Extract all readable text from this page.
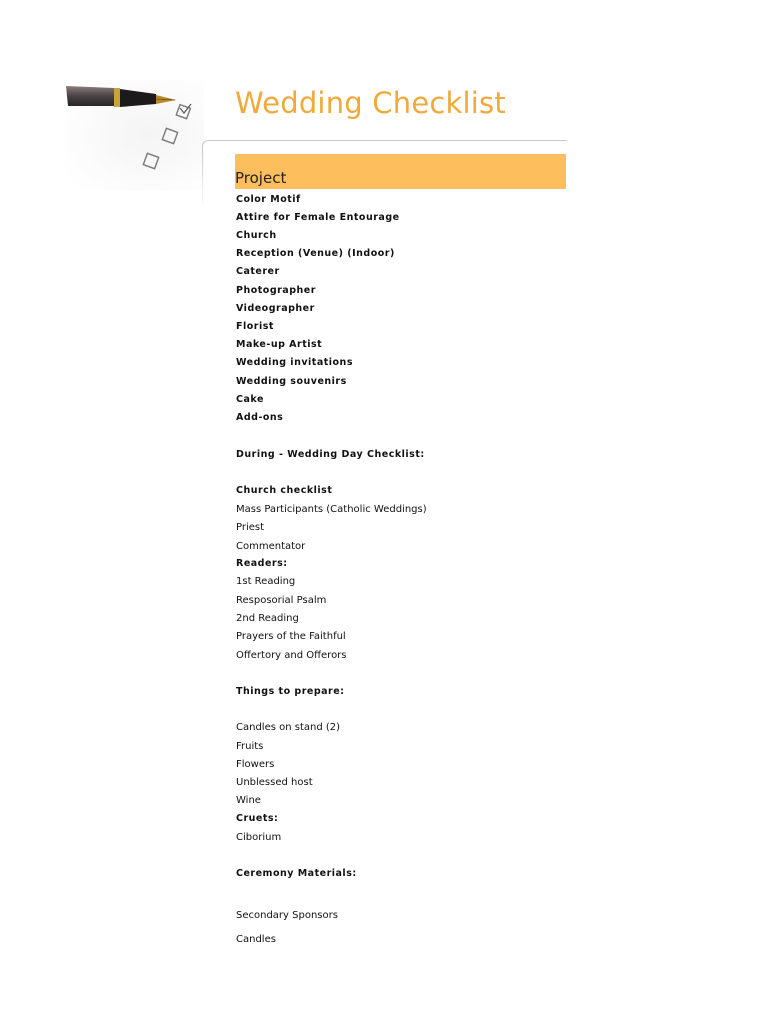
Wedding Checklist
Project
Color Motif
Attire for Female Entourage
Church
Reception (Venue) (Indoor)
Caterer
Photographer
Videographer
Florist
Make-up Artist
Wedding invitations
Wedding souvenirs
Cake
Add-ons
During - Wedding Day Checklist:
Church checklist
Mass Participants (Catholic Weddings)
Priest
Commentator
Readers:
1st Reading
Resposorial Psalm
2nd Reading
Prayers of the Faithful
Offertory and Offerors
Things to prepare:
Candles on stand (2)
Fruits
Flowers
Unblessed host
Wine
Cruets:
Ciborium
Ceremony Materials:
Secondary Sponsors
Candles
